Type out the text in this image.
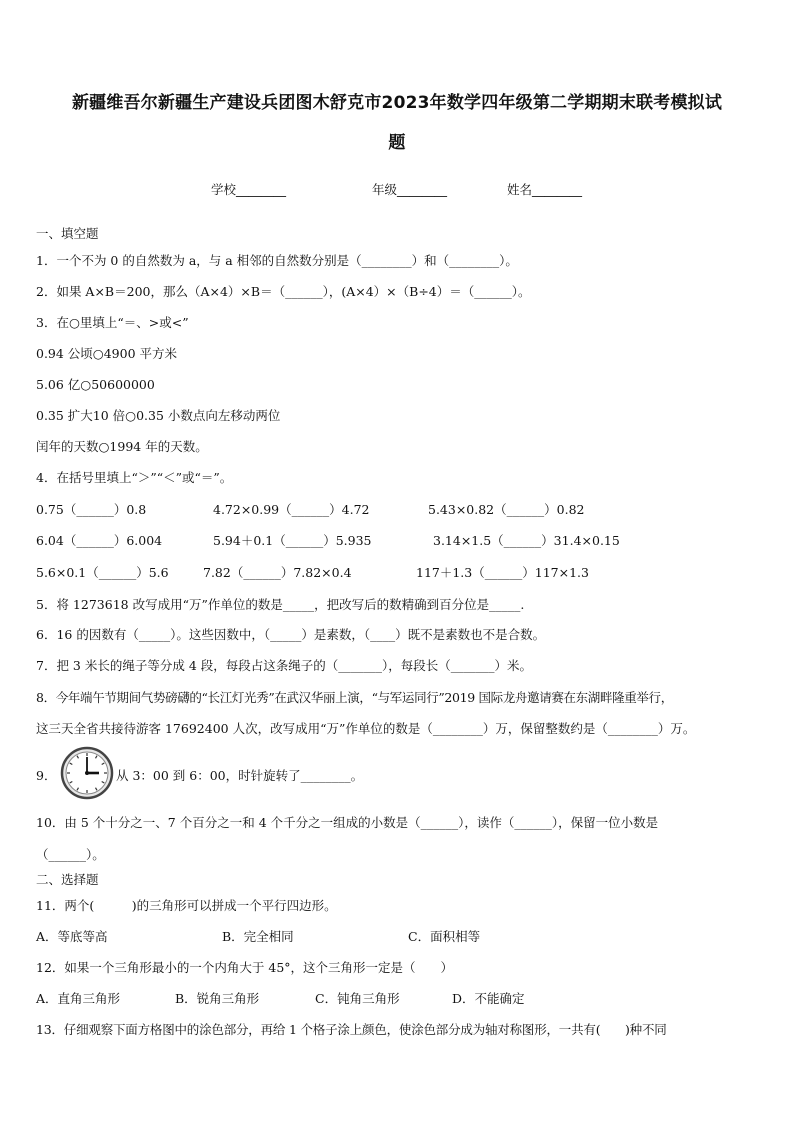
新疆维吾尔新疆生产建设兵团图木舒克市2023年数学四年级第二学期期末联考模拟试
题
学校________	年级________	姓名________
一、填空题
1．一个不为 0 的自然数为 a，与 a 相邻的自然数分别是（________）和（________）。
2．如果 A×B＝200，那么（A×4）×B＝（______），(A×4）×（B÷4）＝（______）。
3．在○里填上“＝、>或<”
0.94 公顷○4900 平方米
5.06 亿○50600000
0.35 扩大10 倍○0.35 小数点向左移动两位
闰年的天数○1994 年的天数。
4．在括号里填上“＞”“＜”或“＝”。
0.75（______）0.8	4.72×0.99（______）4.72	5.43×0.82（______）0.82
6.04（______）6.004	5.94＋0.1（______）5.935	3.14×1.5（______）31.4×0.15
5.6×0.1（______）5.6	7.82（______）7.82×0.4	117＋1.3（______）117×1.3
5．将 1273618 改写成用“万”作单位的数是_____，把改写后的数精确到百分位是_____.
6．16 的因数有（_____）。这些因数中，（_____）是素数，（____）既不是素数也不是合数。
7．把 3 米长的绳子等分成 4 段，每段占这条绳子的（_______），每段长（_______）米。
8．今年端午节期间气势磅礴的“长江灯光秀”在武汉华丽上演，“与军运同行”2019 国际龙舟邀请赛在东湖畔隆重举行，
这三天全省共接待游客 17692400 人次，改写成用“万”作单位的数是（________）万，保留整数约是（________）万。
9．	从 3：00 到 6：00，时针旋转了________。
10．由 5 个十分之一、7 个百分之一和 4 个千分之一组成的小数是（______），读作（______），保留一位小数是
（______）。
二、选择题
11．两个(　　　)的三角形可以拼成一个平行四边形。
A．等底等高	B．完全相同	C．面积相等
12．如果一个三角形最小的一个内角大于 45°，这个三角形一定是（　　）
A．直角三角形	B．锐角三角形	C．钝角三角形	D．不能确定
13．仔细观察下面方格图中的涂色部分，再给 1 个格子涂上颜色，使涂色部分成为轴对称图形，一共有(　　)种不同
